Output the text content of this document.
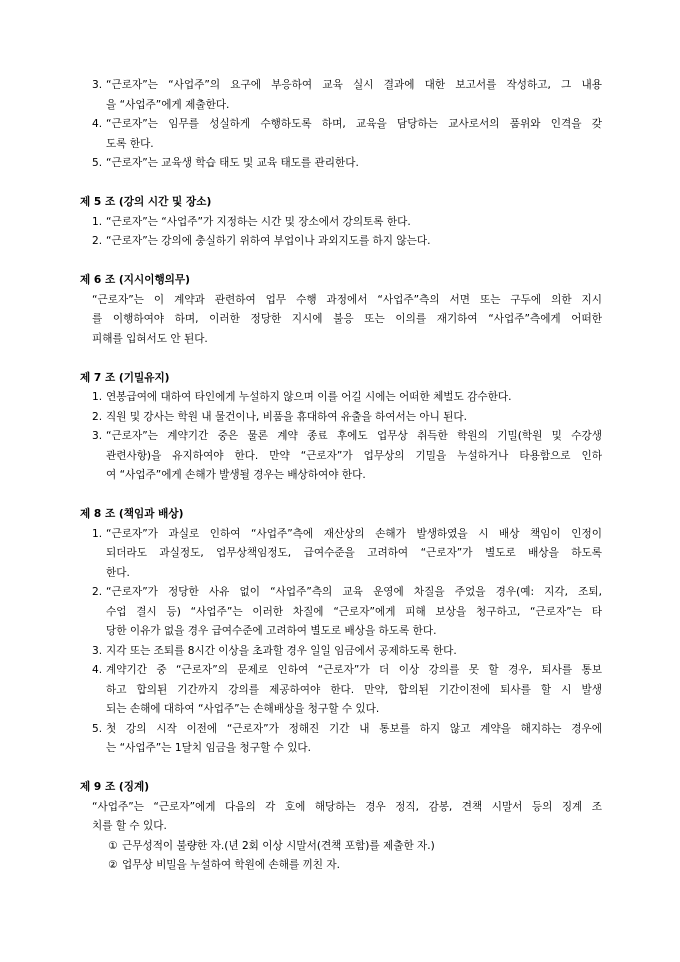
3. “근로자”는 “사업주”의 요구에 부응하여 교육 실시 결과에 대한 보고서를 작성하고, 그 내용
을 “사업주”에게 제출한다.
4. “근로자”는 임무를 성실하게 수행하도록 하며, 교육을 담당하는 교사로서의 품위와 인격을 갖
도록 한다.
5. “근로자”는 교육생 학습 태도 및 교육 태도를 관리한다.
제 5 조 (강의 시간 및 장소)
1. “근로자”는 “사업주”가 지정하는 시간 및 장소에서 강의토록 한다.
2. “근로자”는 강의에 충실하기 위하여 부업이나 과외지도를 하지 않는다.
제 6 조 (지시이행의무)
“근로자”는 이 계약과 관련하여 업무 수행 과정에서 “사업주”측의 서면 또는 구두에 의한 지시
를 이행하여야 하며, 이러한 정당한 지시에 불응 또는 이의를 재기하여 “사업주”측에게 어떠한
피해를 입혀서도 안 된다.
제 7 조 (기밀유지)
1. 연봉급여에 대하여 타인에게 누설하지 않으며 이를 어길 시에는 어떠한 체벌도 감수한다.
2. 직원 및 강사는 학원 내 물건이나, 비품을 휴대하여 유출을 하여서는 아니 된다.
3. “근로자”는 계약기간 중은 물론 계약 종료 후에도 업무상 취득한 학원의 기밀(학원 및 수강생
관련사항)을 유지하여야 한다. 만약 “근로자”가 업무상의 기밀을 누설하거나 타용함으로 인하
여 “사업주”에게 손해가 발생될 경우는 배상하여야 한다.
제 8 조 (책임과 배상)
1. “근로자”가 과실로 인하여 “사업주”측에 재산상의 손해가 발생하였을 시 배상 책임이 인정이
되더라도 과실정도, 업무상책임정도, 급여수준을 고려하여 “근로자”가 별도로 배상을 하도록
한다.
2. “근로자”가 정당한 사유 없이 “사업주”측의 교육 운영에 차질을 주었을 경우(예: 지각, 조퇴,
수업 결시 등) “사업주”는 이러한 차질에 “근로자”에게 피해 보상을 청구하고, “근로자”는 타
당한 이유가 없을 경우 급여수준에 고려하여 별도로 배상을 하도록 한다.
3. 지각 또는 조퇴를 8시간 이상을 초과할 경우 일일 임금에서 공제하도록 한다.
4. 계약기간 중 “근로자”의 문제로 인하여 “근로자”가 더 이상 강의를 못 할 경우, 퇴사를 통보
하고 합의된 기간까지 강의를 제공하여야 한다. 만약, 합의된 기간이전에 퇴사를 할 시 발생
되는 손해에 대하여 “사업주”는 손해배상을 청구할 수 있다.
5. 첫 강의 시작 이전에 “근로자”가 정해진 기간 내 통보를 하지 않고 계약을 해지하는 경우에
는 “사업주”는 1달치 임금을 청구할 수 있다.
제 9 조 (징계)
“사업주”는 “근로자”에게 다음의 각 호에 해당하는 경우 정직, 감봉, 견책 시말서 등의 징계 조
치를 할 수 있다.
① 근무성적이 불량한 자.(년 2회 이상 시말서(견책 포함)를 제출한 자.)
② 업무상 비밀을 누설하여 학원에 손해를 끼친 자.
